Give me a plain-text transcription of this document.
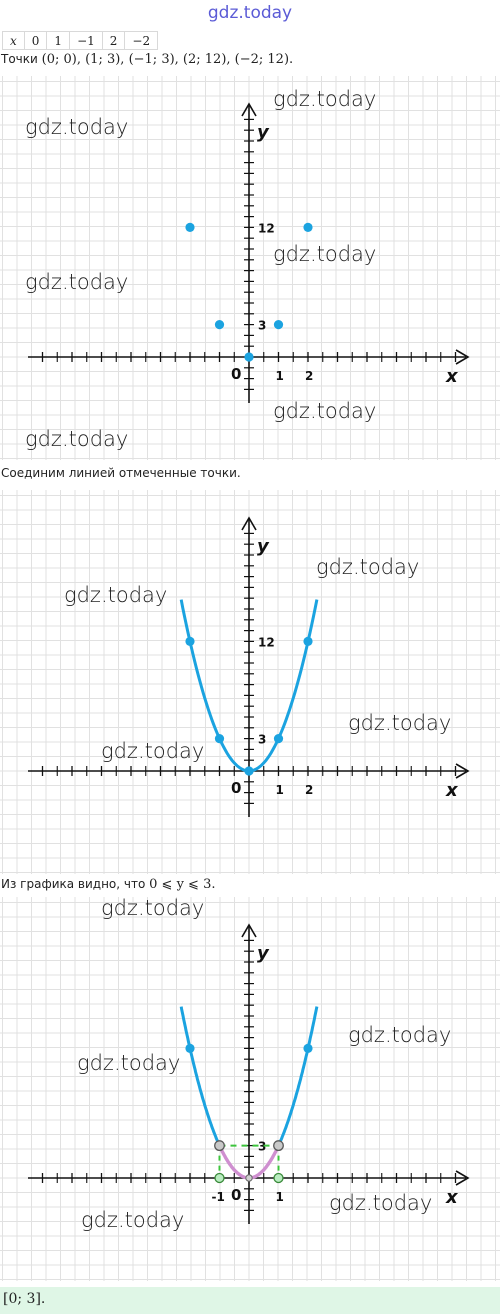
gdz.today
x	0	1	−1	2	−2
Точки (0; 0), (1; 3), (−1; 3), (2; 12), (−2; 12).
y
x
0	1 2
3
12
gdz.today
gdz.today
gdz.today
gdz.today
gdz.today
gdz.today
Соединим линией отмеченные точки.
y
x
0	1 2
3
12
gdz.today
gdz.today
gdz.today
gdz.today
Из графика видно, что 0 ⩽ y ⩽ 3.
y
x
0	1
-1
3
gdz.today
gdz.today
gdz.today
gdz.today
gdz.today
[0; 3].
